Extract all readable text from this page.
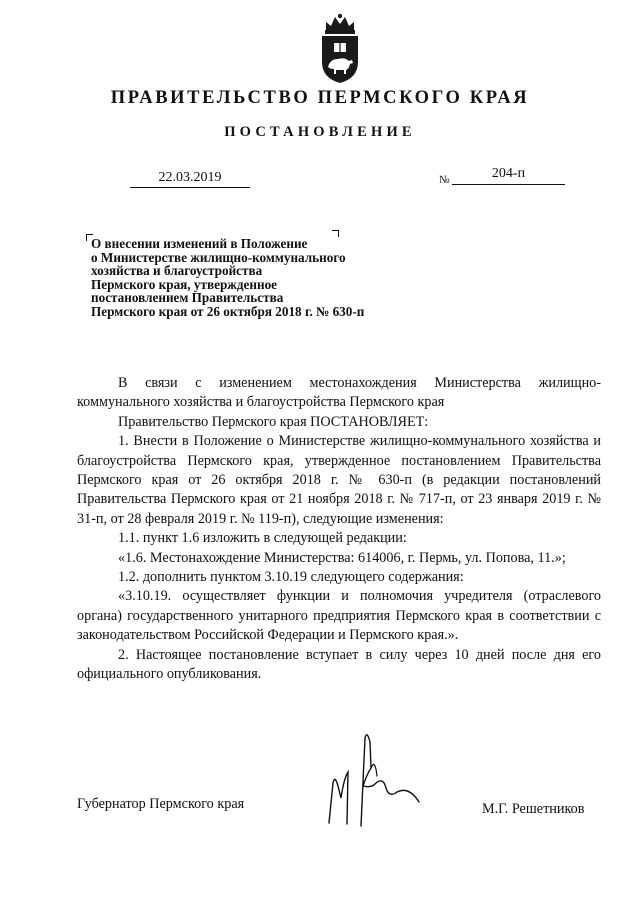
ПРАВИТЕЛЬСТВО ПЕРМСКОГО КРАЯ
ПОСТАНОВЛЕНИЕ
22.03.2019	№	204-п
О внесении изменений в Положение
о Министерстве жилищно-коммунального
хозяйства и благоустройства
Пермского края, утвержденное
постановлением Правительства
Пермского края от 26 октября 2018 г. № 630-п

В связи с изменением местонахождения Министерства жилищно-коммунального хозяйства и благоустройства Пермского края

Правительство Пермского края ПОСТАНОВЛЯЕТ:

1. Внести в Положение о Министерстве жилищно-коммунального хозяйства и благоустройства Пермского края, утвержденное постановлением Правительства Пермского края от 26 октября 2018 г. № 630-п (в редакции постановлений Правительства Пермского края от 21 ноября 2018 г. № 717-п, от 23 января 2019 г. № 31-п, от 28 февраля 2019 г. № 119-п), следующие изменения:

1.1. пункт 1.6 изложить в следующей редакции:

«1.6. Местонахождение Министерства: 614006, г. Пермь, ул. Попова, 11.»;

1.2. дополнить пунктом 3.10.19 следующего содержания:

«3.10.19. осуществляет функции и полномочия учредителя (отраслевого органа) государственного унитарного предприятия Пермского края в соответствии с законодательством Российской Федерации и Пермского края.».

2. Настоящее постановление вступает в силу через 10 дней после дня его официального опубликования.

Губернатор Пермского края	М.Г. Решетников
